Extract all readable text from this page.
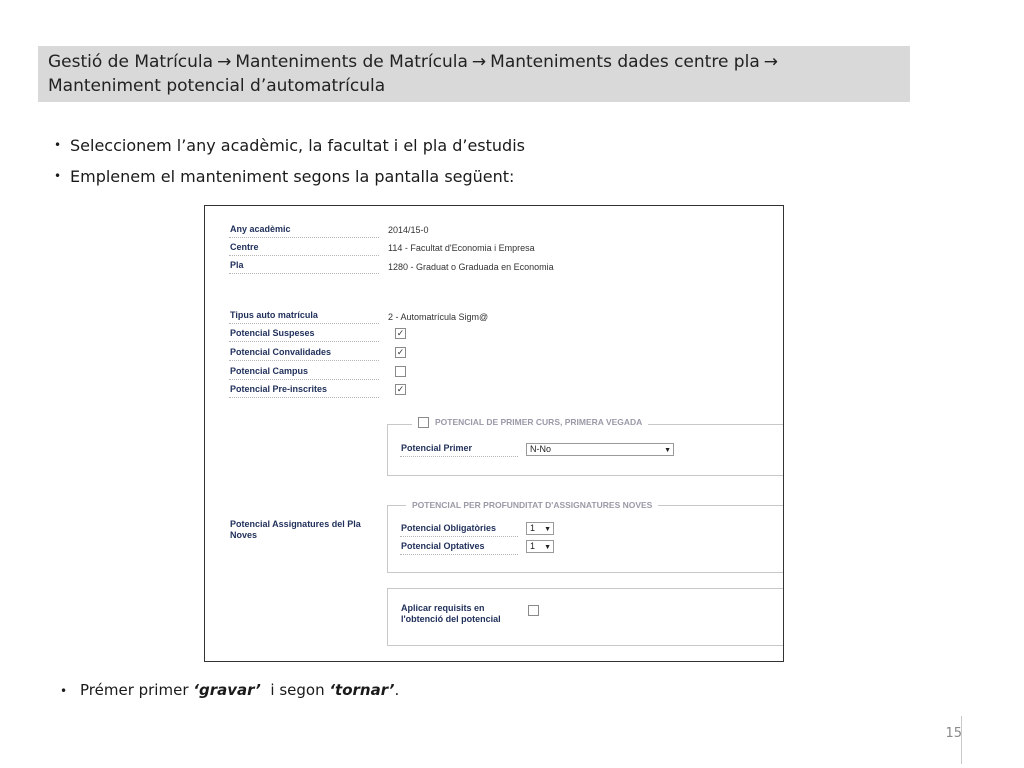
Gestió de Matrícula → Manteniments de Matrícula → Manteniments dades centre pla →
Manteniment potencial d’automatrícula
• Seleccionem l’any acadèmic, la facultat i el pla d’estudis
• Emplenem el manteniment segons la pantalla següent:
Any acadèmic	2014/15-0
Centre	114 - Facultat d'Economia i Empresa
Pla	1280 - Graduat o Graduada en Economia
Tipus auto matrícula	2 - Automatrícula Sigm@
Potencial Suspeses	✓
Potencial Convalidades	✓
Potencial Campus
Potencial Pre-inscrites	✓
POTENCIAL DE PRIMER CURS, PRIMERA VEGADA
Potencial Primer	N-No	▼
Potencial Assignatures del Pla Noves
POTENCIAL PER PROFUNDITAT D'ASSIGNATURES NOVES
Potencial Obligatòries	1 ▼
Potencial Optatives	1 ▼
Aplicar requisits en l'obtenció del potencial
• Prémer primer ‘gravar’  i segon ‘tornar’.
15
